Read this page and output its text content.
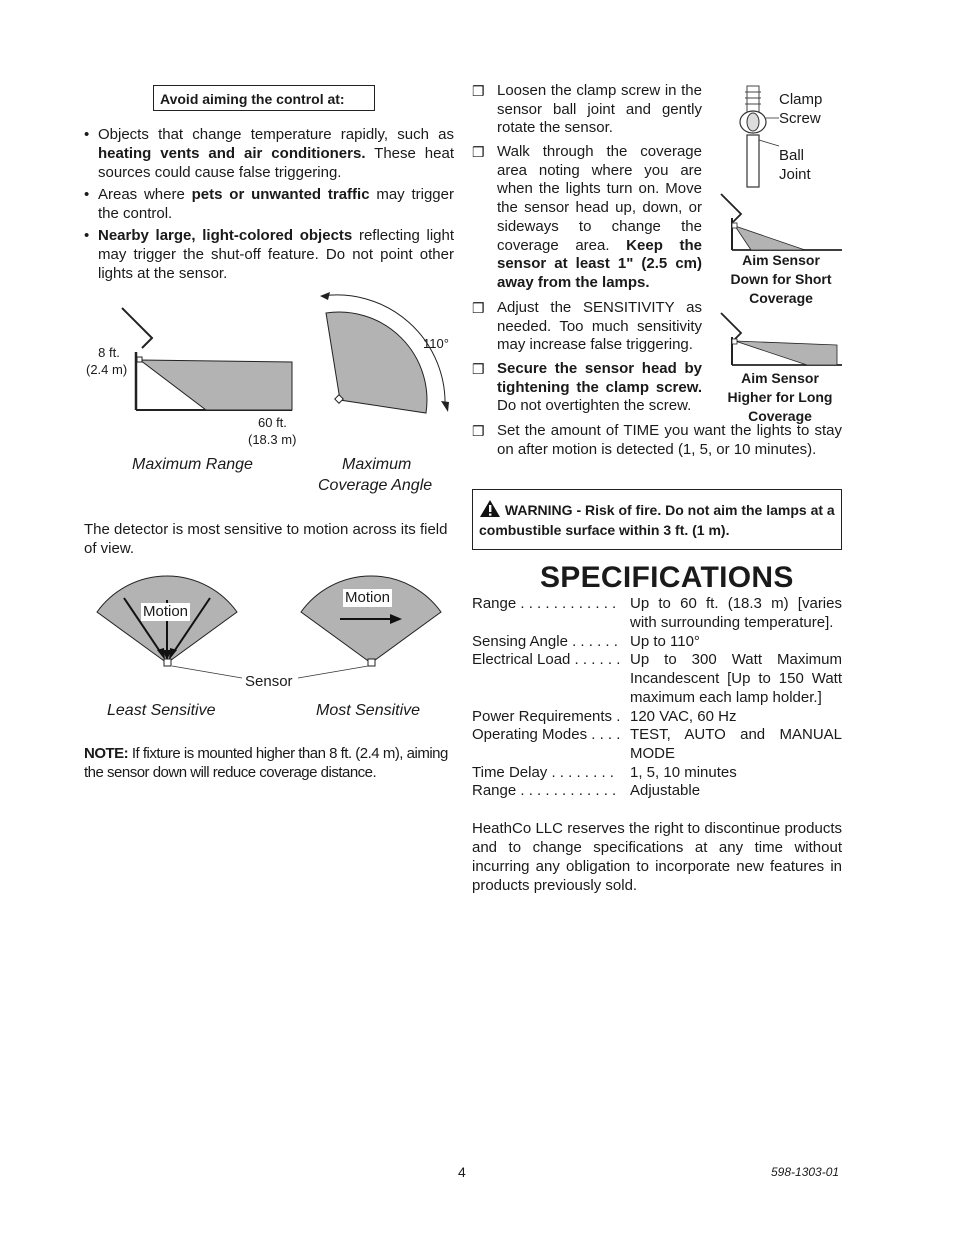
Avoid aiming the control at:
• Objects that change temperature rapidly, such as heating vents and air conditioners. These heat sources could cause false triggering.
• Areas where pets or unwanted traffic may trigger the control.
• Nearby large, light-colored objects reflecting light may trigger the shut-off feature. Do not point other lights at the sensor.
8 ft.
(2.4 m)
60 ft.
(18.3 m)
Maximum Range
110°
Maximum
Coverage Angle
The detector is most sensitive to motion across its field of view.
Motion
Motion
Sensor
Least Sensitive	Most Sensitive
NOTE: If fixture is mounted higher than 8 ft. (2.4 m), aiming the sensor down will reduce coverage distance.
❒ Loosen the clamp screw in the sensor ball joint and gently rotate the sensor.
❒ Walk through the coverage area noting where you are when the lights turn on. Move the sensor head up, down, or sideways to change the coverage area. Keep the sensor at least 1" (2.5 cm) away from the lamps.
❒ Adjust the SENSITIVITY as needed. Too much sensitivity may increase false triggering.
❒ Secure the sensor head by tightening the clamp screw. Do not overtighten the screw.
❒ Set the amount of TIME you want the lights to stay on after motion is detected (1, 5, or 10 minutes).
Clamp
Screw
Ball
Joint
Aim Sensor
Down for Short
Coverage
Aim Sensor
Higher for Long
Coverage
WARNING - Risk of fire. Do not aim the lamps at a combustible surface within 3 ft. (1 m).
SPECIFICATIONS
Range . . . . . . . . . . . . Up to 60 ft. (18.3 m) [varies with surrounding temperature].
Sensing Angle . . . . . . Up to 110°
Electrical Load . . . . . . Up to 300 Watt Maximum Incandescent [Up to 150 Watt maximum each lamp holder.]
Power Requirements . 120 VAC, 60 Hz
Operating Modes . . . . TEST, AUTO and MANUAL MODE
Time Delay . . . . . . . .	1, 5, 10 minutes
Range . . . . . . . . . . . . Adjustable
HeathCo LLC reserves the right to discontinue products and to change specifications at any time without incurring any obligation to incorporate new features in products previously sold.
4	598-1303-01
